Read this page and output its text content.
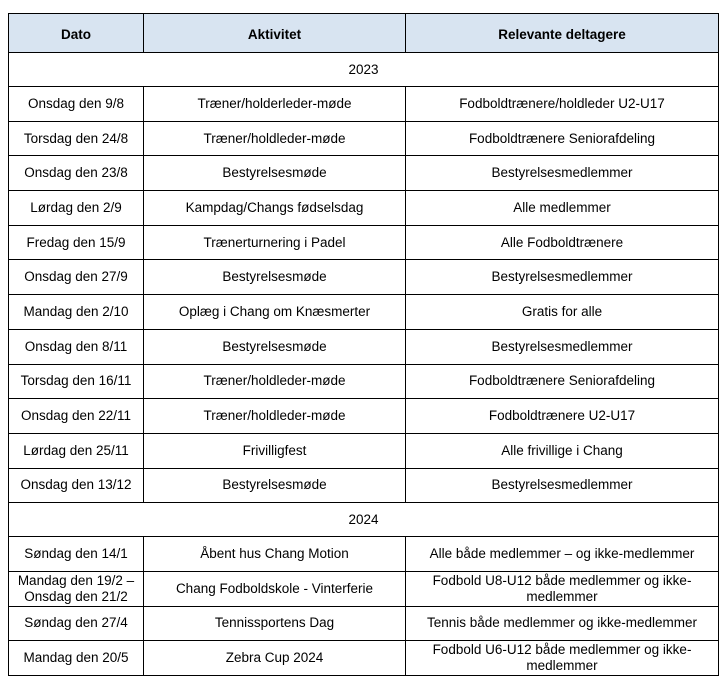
Dato	Aktivitet	Relevante deltagere
2023		
Onsdag den 9/8	Træner/holderleder-møde	Fodboldtrænere/holdleder U2-U17
Torsdag den 24/8	Træner/holdleder-møde	Fodboldtrænere Seniorafdeling
Onsdag den 23/8	Bestyrelsesmøde	Bestyrelsesmedlemmer
Lørdag den 2/9	Kampdag/Changs fødselsdag	Alle medlemmer
Fredag den 15/9	Trænerturnering i Padel	Alle Fodboldtrænere
Onsdag den 27/9	Bestyrelsesmøde	Bestyrelsesmedlemmer
Mandag den 2/10	Oplæg i Chang om Knæsmerter	Gratis for alle
Onsdag den 8/11	Bestyrelsesmøde	Bestyrelsesmedlemmer
Torsdag den 16/11	Træner/holdleder-møde	Fodboldtrænere Seniorafdeling
Onsdag den 22/11	Træner/holdleder-møde	Fodboldtrænere U2-U17
Lørdag den 25/11	Frivilligfest	Alle frivillige i Chang
Onsdag den 13/12	Bestyrelsesmøde	Bestyrelsesmedlemmer
2024		
Søndag den 14/1	Åbent hus Chang Motion	Alle både medlemmer – og ikke-medlemmer
Mandag den 19/2 – Onsdag den 21/2	Chang Fodboldskole - Vinterferie	Fodbold U8-U12 både medlemmer og ikke-medlemmer
Søndag den 27/4	Tennissportens Dag	Tennis både medlemmer og ikke-medlemmer
Mandag den 20/5	Zebra Cup 2024	Fodbold U6-U12 både medlemmer og ikke-medlemmer
